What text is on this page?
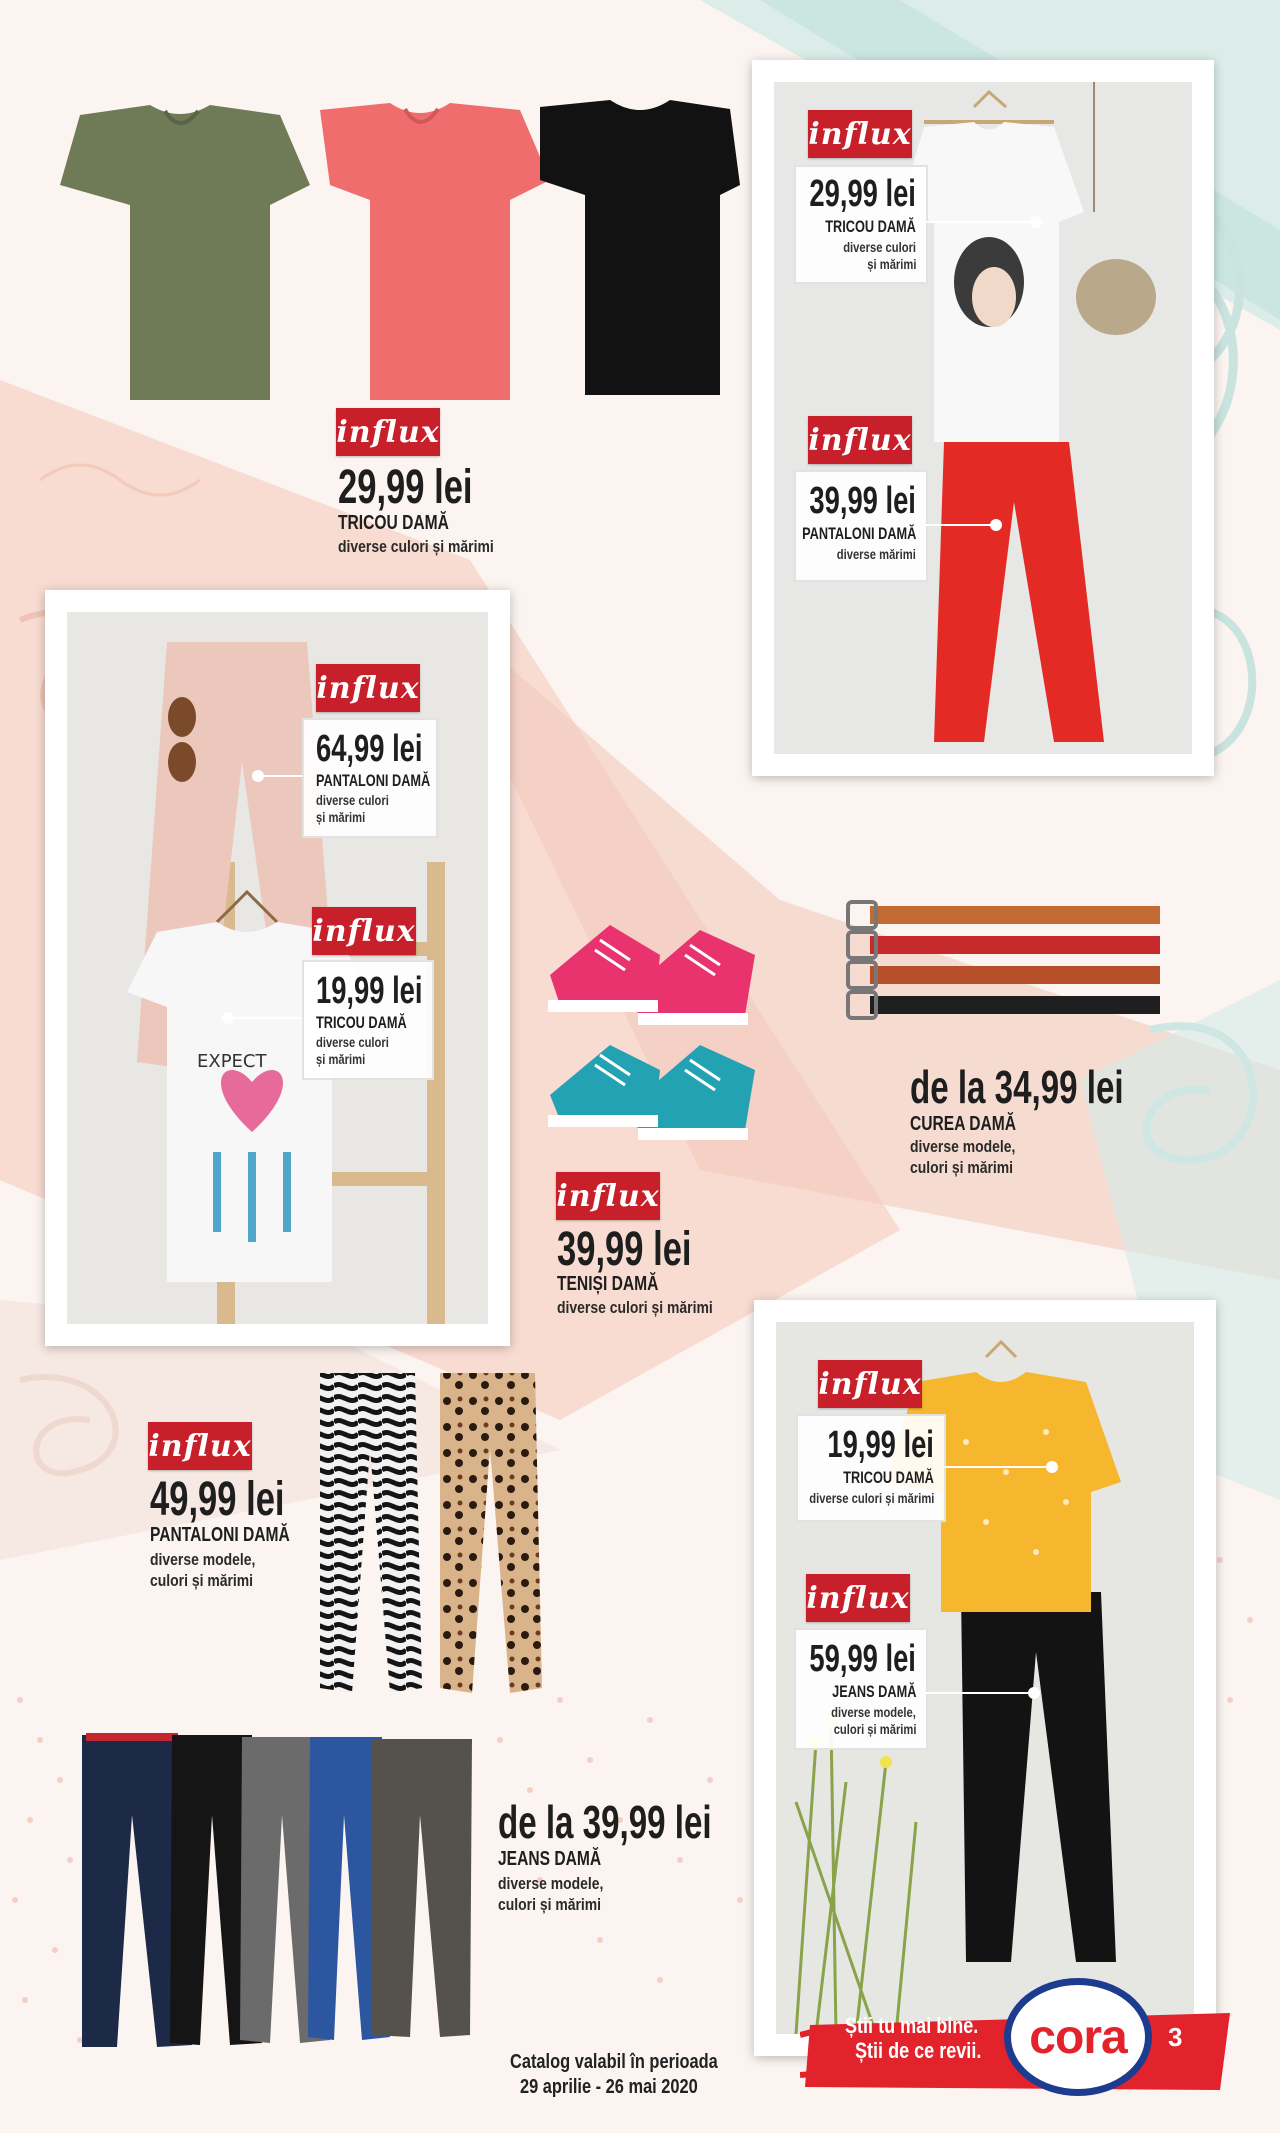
influx
29,99 lei
TRICOU DAMĂ
diverse culori și mărimi
influx
29,99 lei
TRICOU DAMĂ
diverse culori
și mărimi
influx
39,99 lei
PANTALONI DAMĂ
diverse mărimi
EXPECT
influx
64,99 lei
PANTALONI DAMĂ
diverse culori
și mărimi
influx
19,99 lei
TRICOU DAMĂ
diverse culori
și mărimi
influx
39,99 lei
TENIȘI DAMĂ
diverse culori și mărimi
de la 34,99 lei
CUREA DAMĂ
diverse modele,
culori și mărimi
influx
49,99 lei
PANTALONI DAMĂ
diverse modele,
culori și mărimi
de la 39,99 lei
JEANS DAMĂ
diverse modele,
culori și mărimi
influx
19,99 lei
TRICOU DAMĂ
diverse culori și mărimi
influx
59,99 lei
JEANS DAMĂ
diverse modele,
culori și mărimi
Catalog valabil în perioada
29 aprilie - 26 mai 2020
Știi tu mai bine.
Știi de ce revii. cora 3
